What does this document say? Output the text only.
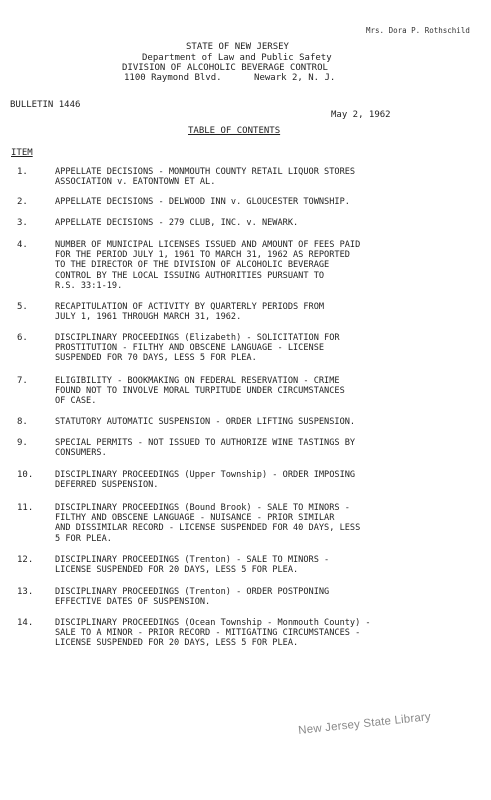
Mrs. Dora P. Rothschild
STATE OF NEW JERSEY
Department of Law and Public Safety
DIVISION OF ALCOHOLIC BEVERAGE CONTROL
1100 Raymond Blvd.      Newark 2, N. J.
BULLETIN 1446
May 2, 1962
TABLE OF CONTENTS
ITEM
1.	APPELLATE DECISIONS - MONMOUTH COUNTY RETAIL LIQUOR STORES
ASSOCIATION v. EATONTOWN ET AL.
2.	APPELLATE DECISIONS - DELWOOD INN v. GLOUCESTER TOWNSHIP.
3.	APPELLATE DECISIONS - 279 CLUB, INC. v. NEWARK.
4.	NUMBER OF MUNICIPAL LICENSES ISSUED AND AMOUNT OF FEES PAID
FOR THE PERIOD JULY 1, 1961 TO MARCH 31, 1962 AS REPORTED
TO THE DIRECTOR OF THE DIVISION OF ALCOHOLIC BEVERAGE
CONTROL BY THE LOCAL ISSUING AUTHORITIES PURSUANT TO
R.S. 33:1-19.
5.	RECAPITULATION OF ACTIVITY BY QUARTERLY PERIODS FROM
JULY 1, 1961 THROUGH MARCH 31, 1962.
6.	DISCIPLINARY PROCEEDINGS (Elizabeth) - SOLICITATION FOR
PROSTITUTION - FILTHY AND OBSCENE LANGUAGE - LICENSE
SUSPENDED FOR 70 DAYS, LESS 5 FOR PLEA.
7.	ELIGIBILITY - BOOKMAKING ON FEDERAL RESERVATION - CRIME
FOUND NOT TO INVOLVE MORAL TURPITUDE UNDER CIRCUMSTANCES
OF CASE.
8.	STATUTORY AUTOMATIC SUSPENSION - ORDER LIFTING SUSPENSION.
9.	SPECIAL PERMITS - NOT ISSUED TO AUTHORIZE WINE TASTINGS BY
CONSUMERS.
10.	DISCIPLINARY PROCEEDINGS (Upper Township) - ORDER IMPOSING
DEFERRED SUSPENSION.
11.	DISCIPLINARY PROCEEDINGS (Bound Brook) - SALE TO MINORS -
FILTHY AND OBSCENE LANGUAGE - NUISANCE - PRIOR SIMILAR
AND DISSIMILAR RECORD - LICENSE SUSPENDED FOR 40 DAYS, LESS
5 FOR PLEA.
12.	DISCIPLINARY PROCEEDINGS (Trenton) - SALE TO MINORS -
LICENSE SUSPENDED FOR 20 DAYS, LESS 5 FOR PLEA.
13.	DISCIPLINARY PROCEEDINGS (Trenton) - ORDER POSTPONING
EFFECTIVE DATES OF SUSPENSION.
14.	DISCIPLINARY PROCEEDINGS (Ocean Township - Monmouth County) -
SALE TO A MINOR - PRIOR RECORD - MITIGATING CIRCUMSTANCES -
LICENSE SUSPENDED FOR 20 DAYS, LESS 5 FOR PLEA.
New Jersey State Library
